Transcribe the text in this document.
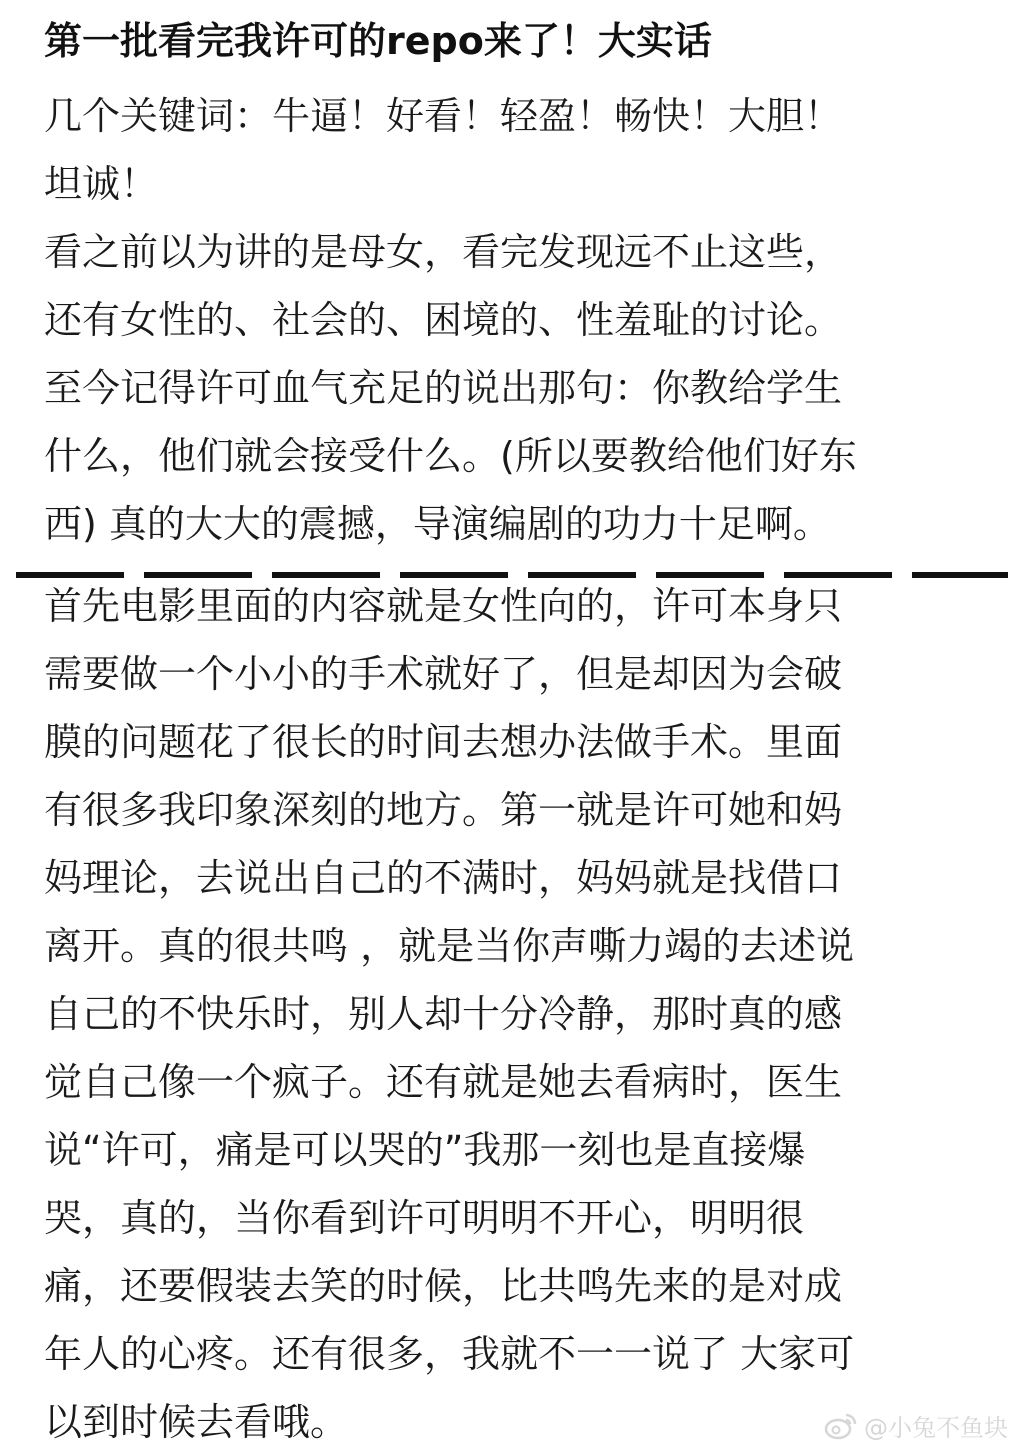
第一批看完我许可的repo来了！大实话
几个关键词：牛逼！好看！轻盈！畅快！大胆！
坦诚！
看之前以为讲的是母女，看完发现远不止这些，
还有女性的、社会的、困境的、性羞耻的讨论。
至今记得许可血气充足的说出那句：你教给学生
什么，他们就会接受什么。(所以要教给他们好东
西) 真的大大的震撼，导演编剧的功力十足啊。
首先电影里面的内容就是女性向的，许可本身只
需要做一个小小的手术就好了，但是却因为会破
膜的问题花了很长的时间去想办法做手术。里面
有很多我印象深刻的地方。第一就是许可她和妈
妈理论，去说出自己的不满时，妈妈就是找借口
离开。真的很共鸣 ，就是当你声嘶力竭的去述说
自己的不快乐时，别人却十分冷静，那时真的感
觉自己像一个疯子。还有就是她去看病时，医生
说“许可，痛是可以哭的”我那一刻也是直接爆
哭，真的，当你看到许可明明不开心，明明很
痛，还要假装去笑的时候，比共鸣先来的是对成
年人的心疼。还有很多，我就不一一说了 大家可
以到时候去看哦。	@小兔不鱼块
